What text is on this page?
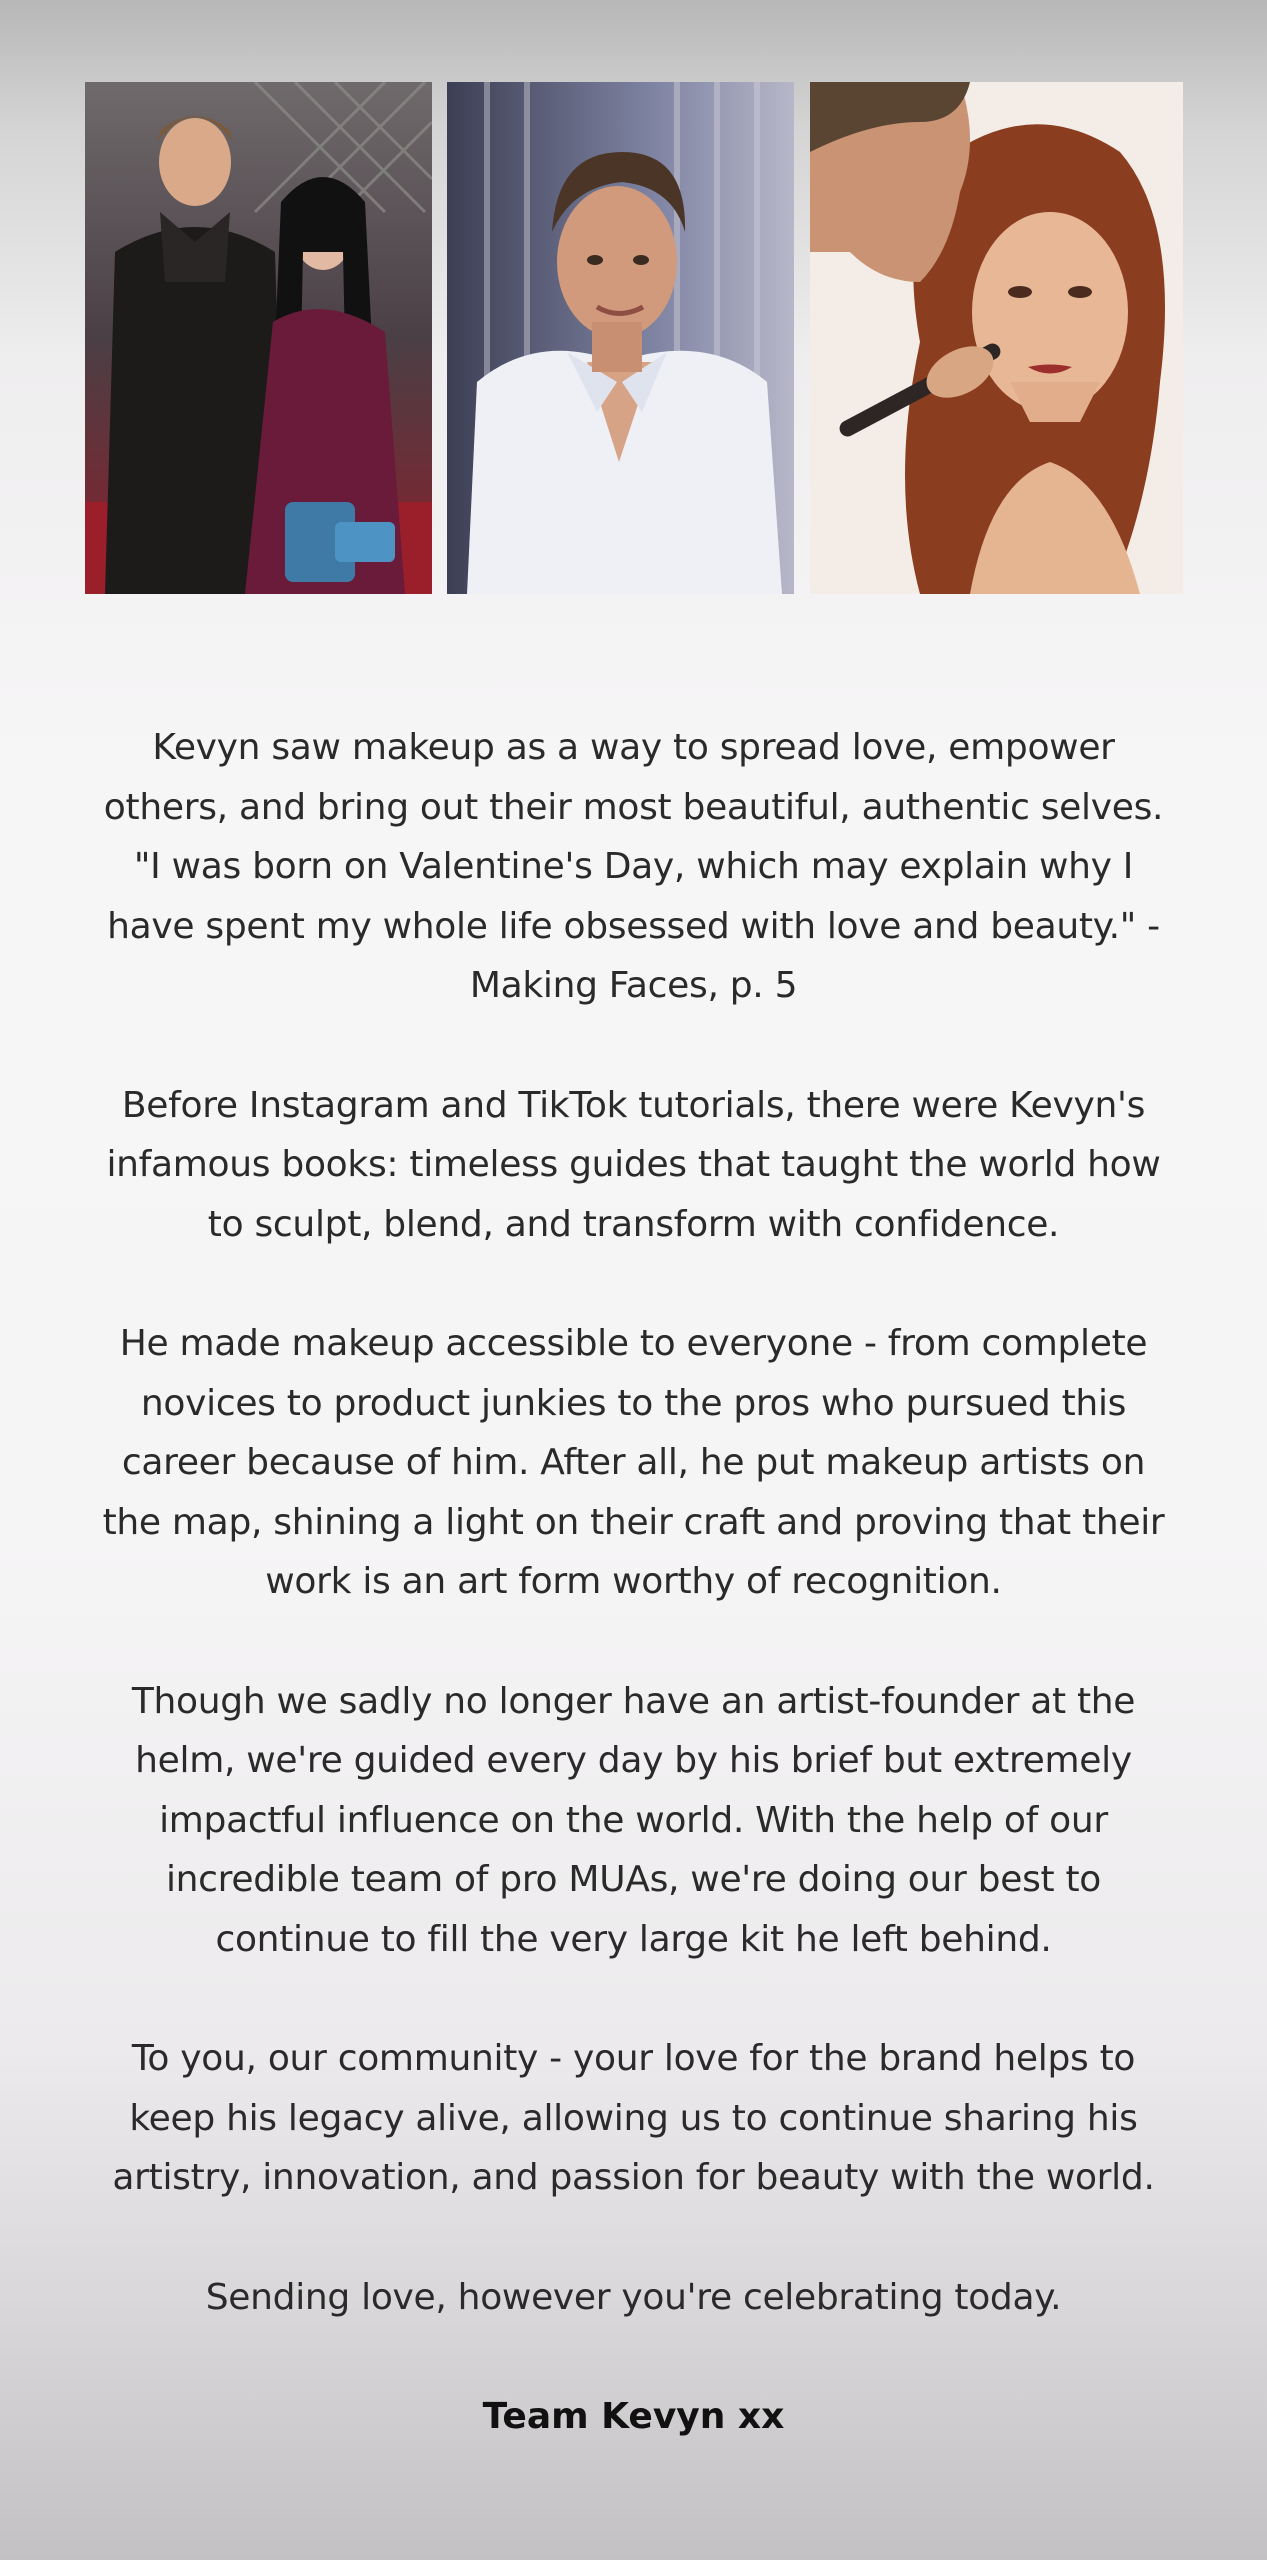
Kevyn saw makeup as a way to spread love, empower others, and bring out their most beautiful, authentic selves. "I was born on Valentine's Day, which may explain why I have spent my whole life obsessed with love and beauty." - Making Faces, p. 5

Before Instagram and TikTok tutorials, there were Kevyn's infamous books: timeless guides that taught the world how to sculpt, blend, and transform with confidence.

He made makeup accessible to everyone - from complete novices to product junkies to the pros who pursued this career because of him. After all, he put makeup artists on the map, shining a light on their craft and proving that their work is an art form worthy of recognition.

Though we sadly no longer have an artist-founder at the helm, we're guided every day by his brief but extremely impactful influence on the world. With the help of our incredible team of pro MUAs, we're doing our best to continue to fill the very large kit he left behind.

To you, our community - your love for the brand helps to keep his legacy alive, allowing us to continue sharing his artistry, innovation, and passion for beauty with the world.

Sending love, however you're celebrating today.

Team Kevyn xx
